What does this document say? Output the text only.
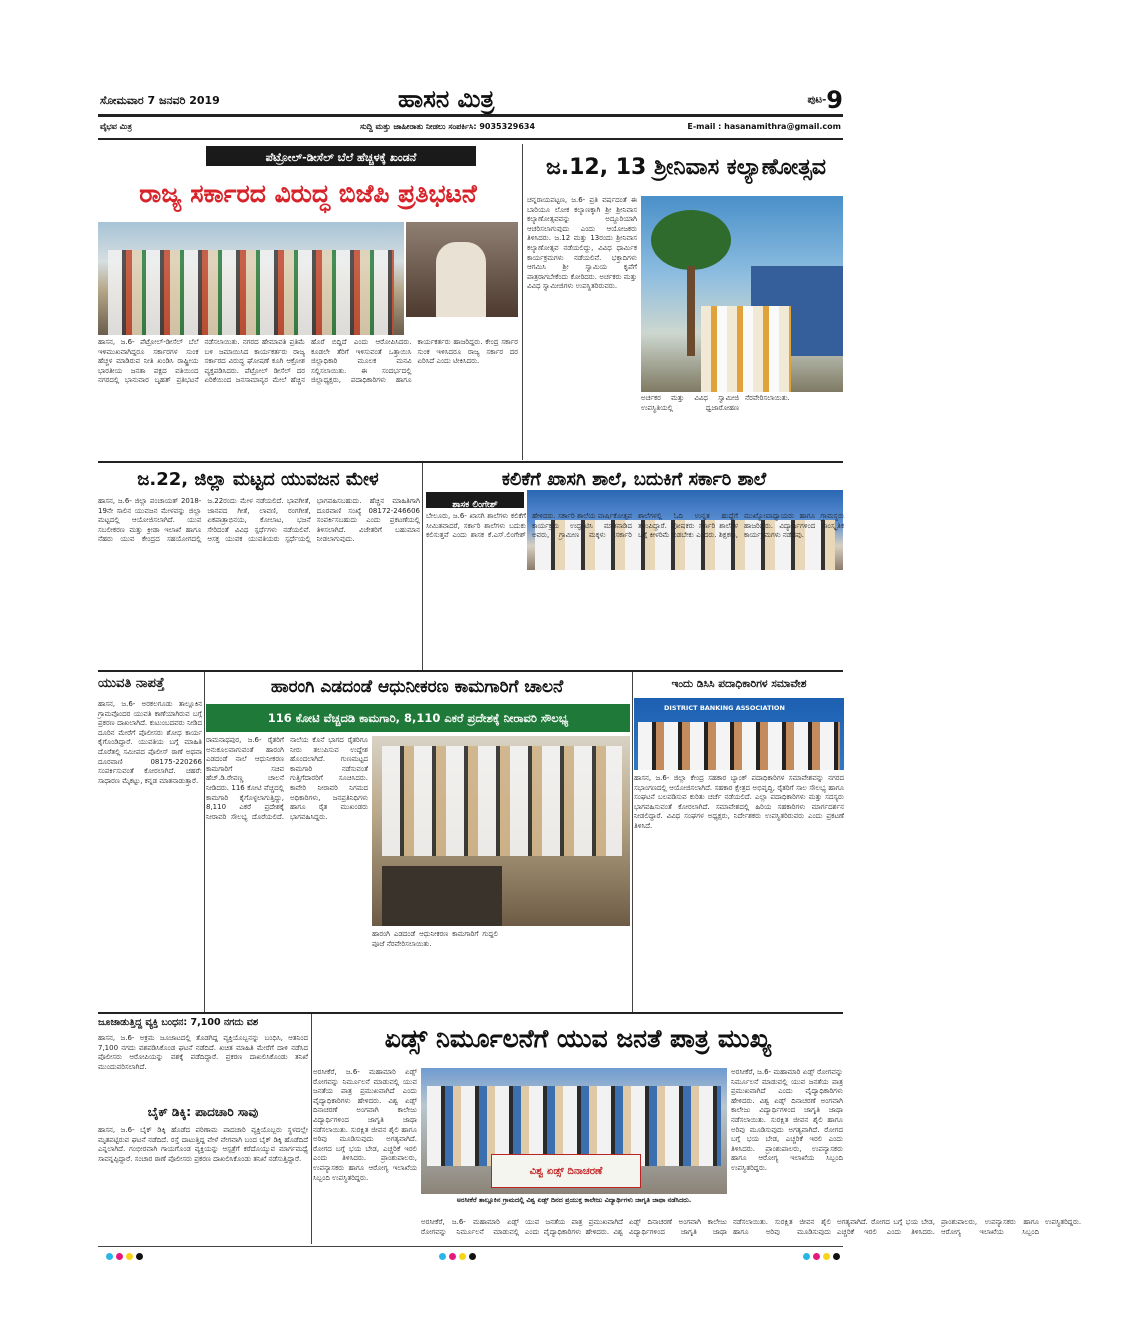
ಸೋಮವಾರ 7 ಜನವರಿ 2019	ಹಾಸನ ಮಿತ್ರ	ಪುಟ-9
ವೈಭವ ಮಿತ್ರ	ಸುದ್ದಿ ಮತ್ತು ಜಾಹೀರಾತು ನೀಡಲು ಸಂಪರ್ಕಿಸಿ: 9035329634	E-mail : hasanamithra@gmail.com
ಪೆಟ್ರೋಲ್-ಡೀಸೆಲ್ ಬೆಲೆ ಹೆಚ್ಚಳಕ್ಕೆ ಖಂಡನೆ
ರಾಜ್ಯ ಸರ್ಕಾರದ ವಿರುದ್ಧ ಬಿಜೆಪಿ ಪ್ರತಿಭಟನೆ
ಹಾಸನ, ಜ.6- ಪೆಟ್ರೋಲ್-ಡೀಸೆಲ್ ಬೆಲೆ ಇಳಿಮುಖವಾಗಿದ್ದರೂ ಸರ್ಕಾರಗಳ ಸುಂಕ ಹೆಚ್ಚಳ ಮಾಡಿರುವ ನೀತಿ ಖಂಡಿಸಿ ರಾಷ್ಟ್ರೀಯ ಭಾರತೀಯ ಜನತಾ ಪಕ್ಷದ ವತಿಯಿಂದ ನಗರದಲ್ಲಿ ಭಾನುವಾರ ಬೃಹತ್ ಪ್ರತಿಭಟನೆ ನಡೆಸಲಾಯಿತು. ನಗರದ ಹೇಮಾವತಿ ಪ್ರತಿಮೆ ಬಳಿ ಜಮಾಯಿಸಿದ ಕಾರ್ಯಕರ್ತರು ರಾಜ್ಯ ಸರ್ಕಾರದ ವಿರುದ್ಧ ಘೋಷಣೆ ಕೂಗಿ ಆಕ್ರೋಶ ವ್ಯಕ್ತಪಡಿಸಿದರು. ಪೆಟ್ರೋಲ್ ಡೀಸೆಲ್ ದರ ಏರಿಕೆಯಿಂದ ಜನಸಾಮಾನ್ಯರ ಮೇಲೆ ಹೆಚ್ಚಿನ ಹೊರೆ ಬಿದ್ದಿದೆ ಎಂದು ಆರೋಪಿಸಿದರು. ಕೂಡಲೇ ತೆರಿಗೆ ಇಳಿಸುವಂತೆ ಒತ್ತಾಯಿಸಿ ಜಿಲ್ಲಾಧಿಕಾರಿ ಮೂಲಕ ಮನವಿ ಸಲ್ಲಿಸಲಾಯಿತು. ಈ ಸಂದರ್ಭದಲ್ಲಿ ಜಿಲ್ಲಾಧ್ಯಕ್ಷರು, ಪದಾಧಿಕಾರಿಗಳು ಹಾಗೂ ಕಾರ್ಯಕರ್ತರು ಹಾಜರಿದ್ದರು. ಕೇಂದ್ರ ಸರ್ಕಾರ ಸುಂಕ ಇಳಿಸಿದರೂ ರಾಜ್ಯ ಸರ್ಕಾರ ದರ ಏರಿಸಿದೆ ಎಂದು ಟೀಕಿಸಿದರು.
ಜ.12, 13 ಶ್ರೀನಿವಾಸ ಕಲ್ಯಾಣೋತ್ಸವ
ಚನ್ನರಾಯಪಟ್ಟಣ, ಜ.6- ಪ್ರತಿ ವರ್ಷದಂತೆ ಈ ಬಾರಿಯೂ ಲೋಕ ಕಲ್ಯಾಣಕ್ಕಾಗಿ ಶ್ರೀ ಶ್ರೀನಿವಾಸ ಕಲ್ಯಾಣೋತ್ಸವವನ್ನು ಅದ್ದೂರಿಯಾಗಿ ಆಚರಿಸಲಾಗುವುದು ಎಂದು ಆಯೋಜಕರು ತಿಳಿಸಿದರು. ಜ.12 ಮತ್ತು 13ರಂದು ಶ್ರೀನಿವಾಸ ಕಲ್ಯಾಣೋತ್ಸವ ನಡೆಯಲಿದ್ದು, ವಿವಿಧ ಧಾರ್ಮಿಕ ಕಾರ್ಯಕ್ರಮಗಳು ನಡೆಯಲಿವೆ. ಭಕ್ತಾದಿಗಳು ಆಗಮಿಸಿ ಶ್ರೀ ಸ್ವಾಮಿಯ ಕೃಪೆಗೆ ಪಾತ್ರರಾಗಬೇಕೆಂದು ಕೋರಿದರು. ಅರ್ಚಕರು ಮತ್ತು ವಿವಿಧ ಸ್ವಾಮೀಜಿಗಳು ಉಪಸ್ಥಿತರಿರುವರು.
ಅರ್ಚಕರ ಮತ್ತು ವಿವಿಧ ಸ್ವಾಮೀಜಿ ಉಪಸ್ಥಿತಿಯಲ್ಲಿ ಧ್ವಜಾರೋಹಣ ನೆರವೇರಿಸಲಾಯಿತು.
ಜ.22, ಜಿಲ್ಲಾ ಮಟ್ಟದ ಯುವಜನ ಮೇಳ
ಹಾಸನ, ಜ.6- ಜಿಲ್ಲಾ ಪಂಚಾಯತ್ 2018-19ನೇ ಸಾಲಿನ ಯುವಜನ ಮೇಳವನ್ನು ಜಿಲ್ಲಾ ಮಟ್ಟದಲ್ಲಿ ಆಯೋಜಿಸಲಾಗಿದೆ. ಯುವ ಸಬಲೀಕರಣ ಮತ್ತು ಕ್ರೀಡಾ ಇಲಾಖೆ ಹಾಗೂ ನೆಹರು ಯುವ ಕೇಂದ್ರದ ಸಹಯೋಗದಲ್ಲಿ ಜ.22ರಂದು ಮೇಳ ನಡೆಯಲಿದೆ. ಭಾವಗೀತೆ, ಜಾನಪದ ಗೀತೆ, ಲಾವಣಿ, ರಂಗಗೀತೆ, ಏಕಪಾತ್ರಾಭಿನಯ, ಕೋಲಾಟ, ಭಜನೆ ಸೇರಿದಂತೆ ವಿವಿಧ ಸ್ಪರ್ಧೆಗಳು ನಡೆಯಲಿವೆ. ಆಸಕ್ತ ಯುವಕ ಯುವತಿಯರು ಸ್ಪರ್ಧೆಯಲ್ಲಿ ಭಾಗವಹಿಸಬಹುದು. ಹೆಚ್ಚಿನ ಮಾಹಿತಿಗಾಗಿ ದೂರವಾಣಿ ಸಂಖ್ಯೆ 08172-246606 ಸಂಪರ್ಕಿಸಬಹುದು ಎಂದು ಪ್ರಕಟಣೆಯಲ್ಲಿ ತಿಳಿಸಲಾಗಿದೆ. ವಿಜೇತರಿಗೆ ಬಹುಮಾನ ನೀಡಲಾಗುವುದು.
ಕಲಿಕೆಗೆ ಖಾಸಗಿ ಶಾಲೆ, ಬದುಕಿಗೆ ಸರ್ಕಾರಿ ಶಾಲೆ
ಶಾಸಕ ಲಿಂಗೇಶ್
ಬೇಲೂರು, ಜ.6- ಖಾಸಗಿ ಶಾಲೆಗಳು ಕಲಿಕೆಗೆ ಸೀಮಿತವಾದರೆ, ಸರ್ಕಾರಿ ಶಾಲೆಗಳು ಬದುಕು ಕಲಿಸುತ್ತವೆ ಎಂದು ಶಾಸಕ ಕೆ.ಎಸ್.ಲಿಂಗೇಶ್ ಹೇಳಿದರು. ಸರ್ಕಾರಿ ಶಾಲೆಯ ವಾರ್ಷಿಕೋತ್ಸವ ಕಾರ್ಯಕ್ರಮ ಉದ್ಘಾಟಿಸಿ ಮಾತನಾಡಿದ ಅವರು, ಗ್ರಾಮೀಣ ಮಕ್ಕಳು ಸರ್ಕಾರಿ ಶಾಲೆಗಳಲ್ಲಿ ಓದಿ ಉನ್ನತ ಹುದ್ದೆಗೆ ತಲುಪಿದ್ದಾರೆ. ಪೋಷಕರು ಸರ್ಕಾರಿ ಶಾಲೆಗಳ ಬಗ್ಗೆ ಕೀಳರಿಮೆ ಬಿಡಬೇಕು ಎಂದರು. ಶಿಕ್ಷಕರು, ಮುಖ್ಯೋಪಾಧ್ಯಾಯರು ಹಾಗೂ ಗ್ರಾಮಸ್ಥರು ಹಾಜರಿದ್ದರು. ವಿದ್ಯಾರ್ಥಿಗಳಿಂದ ಸಾಂಸ್ಕೃತಿಕ ಕಾರ್ಯಕ್ರಮಗಳು ನಡೆದವು.
ಯುವತಿ ನಾಪತ್ತೆ
ಹಾಸನ, ಜ.6- ಅರಕಲಗೂಡು ತಾಲ್ಲೂಕಿನ ಗ್ರಾಮವೊಂದರ ಯುವತಿ ಕಾಣೆಯಾಗಿರುವ ಬಗ್ಗೆ ಪ್ರಕರಣ ದಾಖಲಾಗಿದೆ. ಕುಟುಂಬದವರು ನೀಡಿದ ದೂರಿನ ಮೇರೆಗೆ ಪೊಲೀಸರು ಶೋಧ ಕಾರ್ಯ ಕೈಗೊಂಡಿದ್ದಾರೆ. ಯುವತಿಯ ಬಗ್ಗೆ ಮಾಹಿತಿ ದೊರೆತಲ್ಲಿ ಸಮೀಪದ ಪೊಲೀಸ್ ಠಾಣೆ ಅಥವಾ ದೂರವಾಣಿ 08175-220266 ಸಂಪರ್ಕಿಸುವಂತೆ ಕೋರಲಾಗಿದೆ. ಚಹರೆ: ಸಾಧಾರಣ ಮೈಕಟ್ಟು, ಕನ್ನಡ ಮಾತನಾಡುತ್ತಾರೆ.
ಹಾರಂಗಿ ಎಡದಂಡೆ ಆಧುನೀಕರಣ ಕಾಮಗಾರಿಗೆ ಚಾಲನೆ
116 ಕೋಟಿ ವೆಚ್ಚದಡಿ ಕಾಮಗಾರಿ, 8,110 ಎಕರೆ ಪ್ರದೇಶಕ್ಕೆ ನೀರಾವರಿ ಸೌಲಭ್ಯ
ರಾಮನಾಥಪುರ, ಜ.6- ರೈತರಿಗೆ ಅನುಕೂಲವಾಗುವಂತೆ ಹಾರಂಗಿ ಎಡದಂಡೆ ನಾಲೆ ಆಧುನೀಕರಣ ಕಾಮಗಾರಿಗೆ ಸಚಿವ ಹೆಚ್.ಡಿ.ರೇವಣ್ಣ ಚಾಲನೆ ನೀಡಿದರು. 116 ಕೋಟಿ ವೆಚ್ಚದಲ್ಲಿ ಕಾಮಗಾರಿ ಕೈಗೊಳ್ಳಲಾಗುತ್ತಿದ್ದು, 8,110 ಎಕರೆ ಪ್ರದೇಶಕ್ಕೆ ನೀರಾವರಿ ಸೌಲಭ್ಯ ದೊರೆಯಲಿದೆ. ನಾಲೆಯ ಕೊನೆ ಭಾಗದ ರೈತರಿಗೂ ನೀರು ತಲುಪಿಸುವ ಉದ್ದೇಶ ಹೊಂದಲಾಗಿದೆ. ಗುಣಮಟ್ಟದ ಕಾಮಗಾರಿ ನಡೆಸುವಂತೆ ಗುತ್ತಿಗೆದಾರರಿಗೆ ಸೂಚಿಸಿದರು. ಕಾವೇರಿ ನೀರಾವರಿ ನಿಗಮದ ಅಧಿಕಾರಿಗಳು, ಜನಪ್ರತಿನಿಧಿಗಳು ಹಾಗೂ ರೈತ ಮುಖಂಡರು ಭಾಗವಹಿಸಿದ್ದರು.
ಹಾರಂಗಿ ಎಡದಂಡೆ ಆಧುನೀಕರಣ ಕಾಮಗಾರಿಗೆ ಗುದ್ದಲಿ ಪೂಜೆ ನೆರವೇರಿಸಲಾಯಿತು.
ಇಂದು ಡಿಸಿಸಿ ಪದಾಧಿಕಾರಿಗಳ ಸಮಾವೇಶ
DISTRICT BANKING ASSOCIATION
ಹಾಸನ, ಜ.6- ಜಿಲ್ಲಾ ಕೇಂದ್ರ ಸಹಕಾರ ಬ್ಯಾಂಕ್ ಪದಾಧಿಕಾರಿಗಳ ಸಮಾವೇಶವನ್ನು ನಗರದ ಸಭಾಂಗಣದಲ್ಲಿ ಆಯೋಜಿಸಲಾಗಿದೆ. ಸಹಕಾರ ಕ್ಷೇತ್ರದ ಅಭಿವೃದ್ಧಿ, ರೈತರಿಗೆ ಸಾಲ ಸೌಲಭ್ಯ ಹಾಗೂ ಸಂಘಟನೆ ಬಲಪಡಿಸುವ ಕುರಿತು ಚರ್ಚೆ ನಡೆಯಲಿದೆ. ಎಲ್ಲಾ ಪದಾಧಿಕಾರಿಗಳು ಮತ್ತು ಸದಸ್ಯರು ಭಾಗವಹಿಸುವಂತೆ ಕೋರಲಾಗಿದೆ. ಸಮಾವೇಶದಲ್ಲಿ ಹಿರಿಯ ಸಹಕಾರಿಗಳು ಮಾರ್ಗದರ್ಶನ ನೀಡಲಿದ್ದಾರೆ. ವಿವಿಧ ಸಂಘಗಳ ಅಧ್ಯಕ್ಷರು, ನಿರ್ದೇಶಕರು ಉಪಸ್ಥಿತರಿರುವರು ಎಂದು ಪ್ರಕಟಣೆ ತಿಳಿಸಿದೆ.
ಜೂಜಾಡುತ್ತಿದ್ದ ವ್ಯಕ್ತಿ ಬಂಧನ: 7,100 ನಗದು ವಶ
ಹಾಸನ, ಜ.6- ಅಕ್ರಮ ಜೂಜಾಟದಲ್ಲಿ ತೊಡಗಿದ್ದ ವ್ಯಕ್ತಿಯೊಬ್ಬನನ್ನು ಬಂಧಿಸಿ, ಆತನಿಂದ 7,100 ನಗದು ವಶಪಡಿಸಿಕೊಂಡ ಘಟನೆ ನಡೆದಿದೆ. ಖಚಿತ ಮಾಹಿತಿ ಮೇರೆಗೆ ದಾಳಿ ನಡೆಸಿದ ಪೊಲೀಸರು ಆರೋಪಿಯನ್ನು ವಶಕ್ಕೆ ಪಡೆದಿದ್ದಾರೆ. ಪ್ರಕರಣ ದಾಖಲಿಸಿಕೊಂಡು ತನಿಖೆ ಮುಂದುವರಿಸಲಾಗಿದೆ.
ಬೈಕ್ ಡಿಕ್ಕಿ: ಪಾದಚಾರಿ ಸಾವು
ಹಾಸನ, ಜ.6- ಬೈಕ್ ಡಿಕ್ಕಿ ಹೊಡೆದ ಪರಿಣಾಮ ಪಾದಚಾರಿ ವ್ಯಕ್ತಿಯೊಬ್ಬರು ಸ್ಥಳದಲ್ಲೇ ಮೃತಪಟ್ಟಿರುವ ಘಟನೆ ನಡೆದಿದೆ. ರಸ್ತೆ ದಾಟುತ್ತಿದ್ದ ವೇಳೆ ವೇಗವಾಗಿ ಬಂದ ಬೈಕ್ ಡಿಕ್ಕಿ ಹೊಡೆದಿದೆ ಎನ್ನಲಾಗಿದೆ. ಗಂಭೀರವಾಗಿ ಗಾಯಗೊಂಡ ವ್ಯಕ್ತಿಯನ್ನು ಆಸ್ಪತ್ರೆಗೆ ಕರೆದೊಯ್ಯುವ ಮಾರ್ಗಮಧ್ಯೆ ಸಾವನ್ನಪ್ಪಿದ್ದಾರೆ. ಸಂಚಾರ ಠಾಣೆ ಪೊಲೀಸರು ಪ್ರಕರಣ ದಾಖಲಿಸಿಕೊಂಡು ತನಿಖೆ ನಡೆಸುತ್ತಿದ್ದಾರೆ.
ಏಡ್ಸ್ ನಿರ್ಮೂಲನೆಗೆ ಯುವ ಜನತೆ ಪಾತ್ರ ಮುಖ್ಯ
ಅರಸೀಕೆರೆ, ಜ.6- ಮಹಾಮಾರಿ ಏಡ್ಸ್ ರೋಗವನ್ನು ನಿರ್ಮೂಲನೆ ಮಾಡುವಲ್ಲಿ ಯುವ ಜನತೆಯ ಪಾತ್ರ ಪ್ರಮುಖವಾಗಿದೆ ಎಂದು ವೈದ್ಯಾಧಿಕಾರಿಗಳು ಹೇಳಿದರು. ವಿಶ್ವ ಏಡ್ಸ್ ದಿನಾಚರಣೆ ಅಂಗವಾಗಿ ಕಾಲೇಜು ವಿದ್ಯಾರ್ಥಿಗಳಿಂದ ಜಾಗೃತಿ ಜಾಥಾ ನಡೆಸಲಾಯಿತು. ಸುರಕ್ಷಿತ ಜೀವನ ಶೈಲಿ ಹಾಗೂ ಅರಿವು ಮೂಡಿಸುವುದು ಅಗತ್ಯವಾಗಿದೆ. ರೋಗದ ಬಗ್ಗೆ ಭಯ ಬೇಡ, ಎಚ್ಚರಿಕೆ ಇರಲಿ ಎಂದು ತಿಳಿಸಿದರು. ಪ್ರಾಂಶುಪಾಲರು, ಉಪನ್ಯಾಸಕರು ಹಾಗೂ ಆರೋಗ್ಯ ಇಲಾಖೆಯ ಸಿಬ್ಬಂದಿ ಉಪಸ್ಥಿತರಿದ್ದರು.
ವಿಶ್ವ ಏಡ್ಸ್ ದಿನಾಚರಣೆ
ಅರಸೀಕೆರೆ ತಾಲ್ಲೂಕಿನ ಗ್ರಾಮದಲ್ಲಿ ವಿಶ್ವ ಏಡ್ಸ್ ದಿನದ ಪ್ರಯುಕ್ತ ಕಾಲೇಜು ವಿದ್ಯಾರ್ಥಿಗಳು ಜಾಗೃತಿ ಜಾಥಾ ನಡೆಸಿದರು.
ಅರಸೀಕೆರೆ, ಜ.6- ಮಹಾಮಾರಿ ಏಡ್ಸ್ ರೋಗವನ್ನು ನಿರ್ಮೂಲನೆ ಮಾಡುವಲ್ಲಿ ಯುವ ಜನತೆಯ ಪಾತ್ರ ಪ್ರಮುಖವಾಗಿದೆ ಎಂದು ವೈದ್ಯಾಧಿಕಾರಿಗಳು ಹೇಳಿದರು. ವಿಶ್ವ ಏಡ್ಸ್ ದಿನಾಚರಣೆ ಅಂಗವಾಗಿ ಕಾಲೇಜು ವಿದ್ಯಾರ್ಥಿಗಳಿಂದ ಜಾಗೃತಿ ಜಾಥಾ ನಡೆಸಲಾಯಿತು. ಸುರಕ್ಷಿತ ಜೀವನ ಶೈಲಿ ಹಾಗೂ ಅರಿವು ಮೂಡಿಸುವುದು ಅಗತ್ಯವಾಗಿದೆ. ರೋಗದ ಬಗ್ಗೆ ಭಯ ಬೇಡ, ಎಚ್ಚರಿಕೆ ಇರಲಿ ಎಂದು ತಿಳಿಸಿದರು. ಪ್ರಾಂಶುಪಾಲರು, ಉಪನ್ಯಾಸಕರು ಹಾಗೂ ಆರೋಗ್ಯ ಇಲಾಖೆಯ ಸಿಬ್ಬಂದಿ ಉಪಸ್ಥಿತರಿದ್ದರು.
ಅರಸೀಕೆರೆ, ಜ.6- ಮಹಾಮಾರಿ ಏಡ್ಸ್ ರೋಗವನ್ನು ನಿರ್ಮೂಲನೆ ಮಾಡುವಲ್ಲಿ ಯುವ ಜನತೆಯ ಪಾತ್ರ ಪ್ರಮುಖವಾಗಿದೆ ಎಂದು ವೈದ್ಯಾಧಿಕಾರಿಗಳು ಹೇಳಿದರು. ವಿಶ್ವ ಏಡ್ಸ್ ದಿನಾಚರಣೆ ಅಂಗವಾಗಿ ಕಾಲೇಜು ವಿದ್ಯಾರ್ಥಿಗಳಿಂದ ಜಾಗೃತಿ ಜಾಥಾ ನಡೆಸಲಾಯಿತು. ಸುರಕ್ಷಿತ ಜೀವನ ಶೈಲಿ ಹಾಗೂ ಅರಿವು ಮೂಡಿಸುವುದು ಅಗತ್ಯವಾಗಿದೆ. ರೋಗದ ಬಗ್ಗೆ ಭಯ ಬೇಡ, ಎಚ್ಚರಿಕೆ ಇರಲಿ ಎಂದು ತಿಳಿಸಿದರು. ಪ್ರಾಂಶುಪಾಲರು, ಉಪನ್ಯಾಸಕರು ಹಾಗೂ ಆರೋಗ್ಯ ಇಲಾಖೆಯ ಸಿಬ್ಬಂದಿ ಉಪಸ್ಥಿತರಿದ್ದರು.
